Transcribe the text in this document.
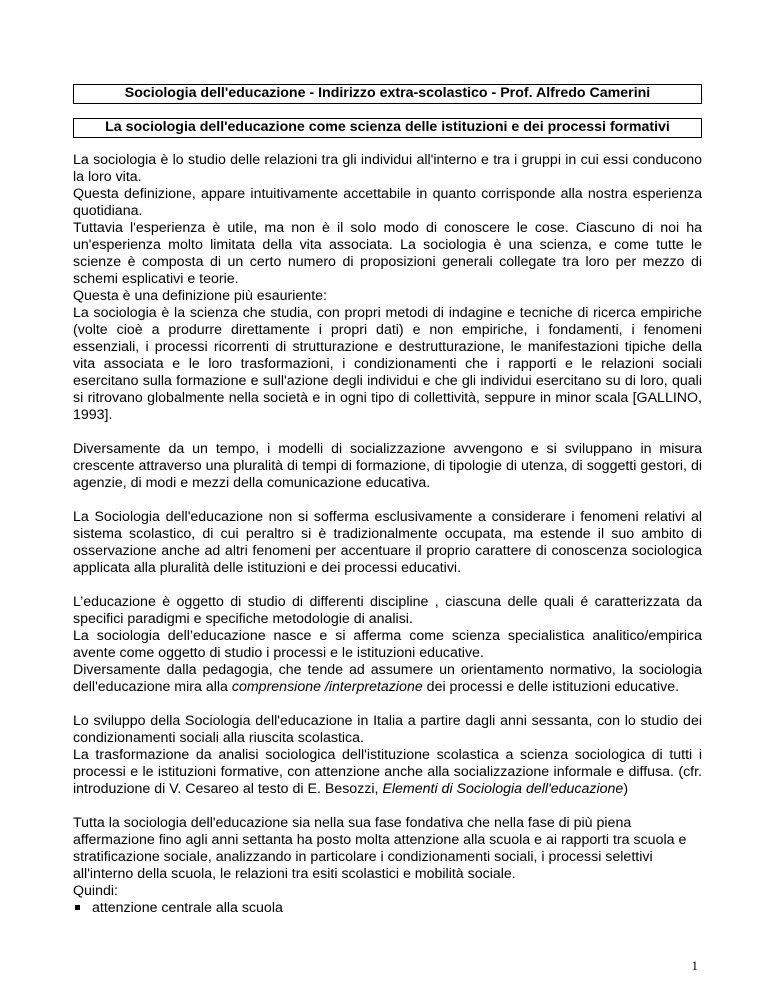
Sociologia dell'educazione - Indirizzo extra-scolastico - Prof. Alfredo Camerini
La sociologia dell'educazione come scienza delle istituzioni e dei processi formativi

La sociologia è lo studio delle relazioni tra gli individui all'interno e tra i gruppi in cui essi conducono la loro vita.

Questa definizione, appare intuitivamente accettabile in quanto corrisponde alla nostra esperienza quotidiana.

Tuttavia l'esperienza è utile, ma non è il solo modo di conoscere le cose. Ciascuno di noi ha un'esperienza molto limitata della vita associata. La sociologia è una scienza, e come tutte le scienze è composta di un certo numero di proposizioni generali collegate tra loro per mezzo di schemi esplicativi e teorie.

Questa è una definizione più esauriente:

La sociologia è la scienza che studia, con propri metodi di indagine e tecniche di ricerca empiriche (volte cioè a produrre direttamente i propri dati) e non empiriche, i fondamenti, i fenomeni essenziali, i processi ricorrenti di strutturazione e destrutturazione, le manifestazioni tipiche della vita associata e le loro trasformazioni, i condizionamenti che i rapporti e le relazioni sociali esercitano sulla formazione e sull'azione degli individui e che gli individui esercitano su di loro, quali si ritrovano globalmente nella società e in ogni tipo di collettività, seppure in minor scala [GALLINO, 1993].

Diversamente da un tempo, i modelli di socializzazione avvengono e si sviluppano in misura crescente attraverso una pluralità di tempi di formazione, di tipologie di utenza, di soggetti gestori, di agenzie, di modi e mezzi della comunicazione educativa.

La Sociologia dell'educazione non si sofferma esclusivamente a considerare i fenomeni relativi al sistema scolastico, di cui peraltro si è tradizionalmente occupata, ma estende il suo ambito di osservazione anche ad altri fenomeni per accentuare il proprio carattere di conoscenza sociologica applicata alla pluralità delle istituzioni e dei processi educativi.

L’educazione è oggetto di studio di differenti discipline , ciascuna delle quali é caratterizzata da specifici paradigmi e specifiche metodologie di analisi.

La sociologia dell’educazione nasce e si afferma come scienza specialistica analitico/empirica avente come oggetto di studio i processi e le istituzioni educative.

Diversamente dalla pedagogia, che tende ad assumere un orientamento normativo, la sociologia dell'educazione mira alla comprensione /interpretazione dei processi e delle istituzioni educative.

Lo sviluppo della Sociologia dell'educazione in Italia a partire dagli anni sessanta, con lo studio dei condizionamenti sociali alla riuscita scolastica.

La trasformazione da analisi sociologica dell'istituzione scolastica a scienza sociologica di tutti i processi e le istituzioni formative, con attenzione anche alla socializzazione informale e diffusa. (cfr. introduzione di V. Cesareo al testo di E. Besozzi, Elementi di Sociologia dell'educazione)

Tutta la sociologia dell'educazione sia nella sua fase fondativa che nella fase di più piena affermazione fino agli anni settanta ha posto molta attenzione alla scuola e ai rapporti tra scuola e stratificazione sociale, analizzando in particolare i condizionamenti sociali, i processi selettivi all'interno della scuola, le relazioni tra esiti scolastici e mobilità sociale.

Quindi:

attenzione centrale alla scuola
1
